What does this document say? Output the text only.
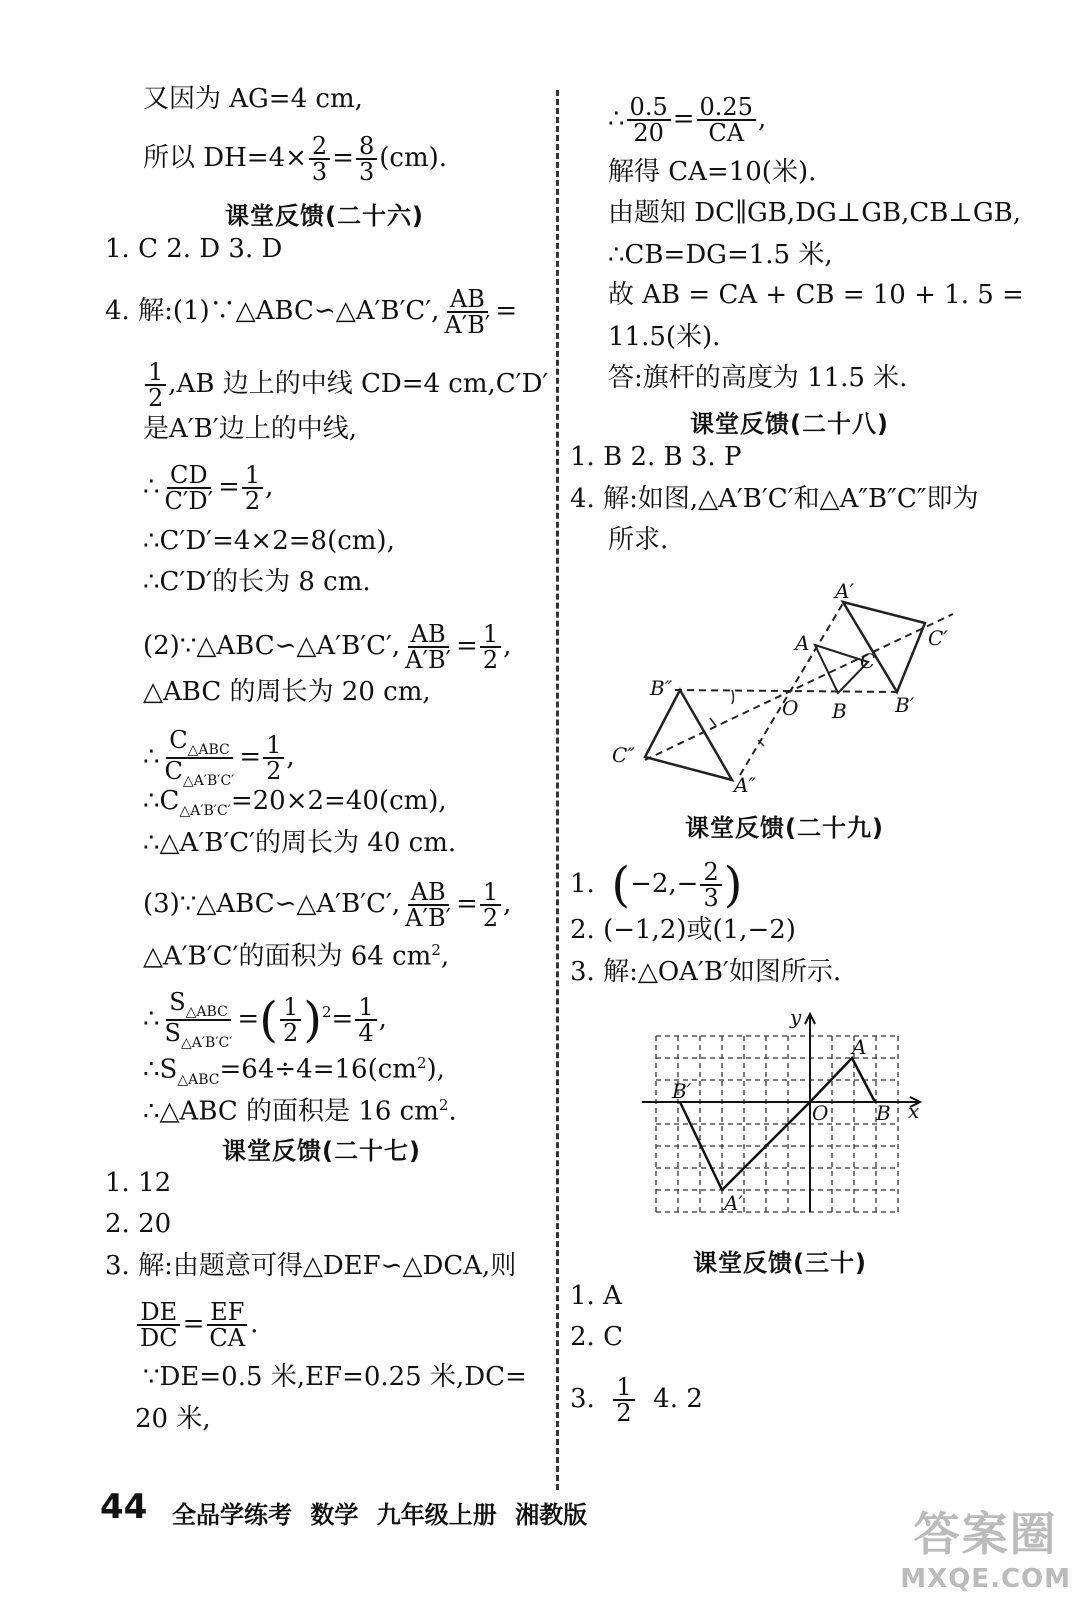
又因为 AG=4 cm,
所以 $DH=4\times \frac{2}{3} = \frac{8}{3} (cm)$.
课堂反馈(二十六)
1. C 2. D 3. D
4. 解:(1)∵△ABC∽△A′B′C′, $\frac{AB}{A'B'}$ =
$\frac{1}{2} ,AB$ 边上的中线 CD=4 cm,C′D′
是A′B′边上的中线,
∴ $\frac{CD}{C'D'} = \frac{1}{2}$ ,
∴C′D′=4×2=8(cm),
∴C′D′的长为 8 cm.
(2)∵△ABC∽△A′B′C′, $\frac{AB}{A'B'} = \frac{1}{2}$ ,
△ABC 的周长为 20 cm,
∴ $\frac{C_{\triangle ABC}}{C_{\triangle A'B'C'}} = \frac{1}{2}$ ,
$\therefore C_{\triangle A'B'C'}=20\times 2=40(cm)$,
∴△A′B′C′的周长为 40 cm.
(3)∵△ABC∽△A′B′C′, $\frac{AB}{A'B'} = \frac{1}{2}$ ,
△A′B′C′的面积为 64 $cm^2$,
∴ $\frac{S_{\triangle ABC}}{S_{\triangle A'B'C'}}$ =( $\frac{1}{2} )^2= \frac{1}{4}$ ,
$\therefore S_{\triangle ABC}=64\div 4=16(cm^2)$,
∴△ABC 的面积是 16 $cm^2$.
课堂反馈(二十七)
1. 12
2. 20
3. 解:由题意可得△DEF∽△DCA,则
$\frac{DE}{DC} = \frac{EF}{CA}$ .
∵DE=0.5 米,EF=0.25 米,DC=
20 米,
∴ $\frac{0.5}{20} = \frac{0.25}{CA}$ ,
解得 CA=10(米).
由题知 DC∥GB,DG⊥GB,CB⊥GB,
∴CB=DG=1.5 米,
故 AB = CA + CB = 10 + 1. 5 =
11.5(米).
答:旗杆的高度为 11.5 米.
课堂反馈(二十八)
1. B 2. B 3. P
4. 解:如图,△A′B′C′和△A″B″C″即为
所求.
A′
C′
A
C
B″
O B B′
C″
A″
课堂反馈(二十九)
1. ($-2,- \frac{2}{3}$ )
2. (−1,2)或(1,−2)
3. 解:△OA′B′如图所示.
y
x
O
A
B
B′
A′
课堂反馈(三十)
1. A
2. C
3. $\frac{1}{2} 4$. 2
44 全品学练考 数学 九年级上册 湘教版	答案圈
MXQE.COM
